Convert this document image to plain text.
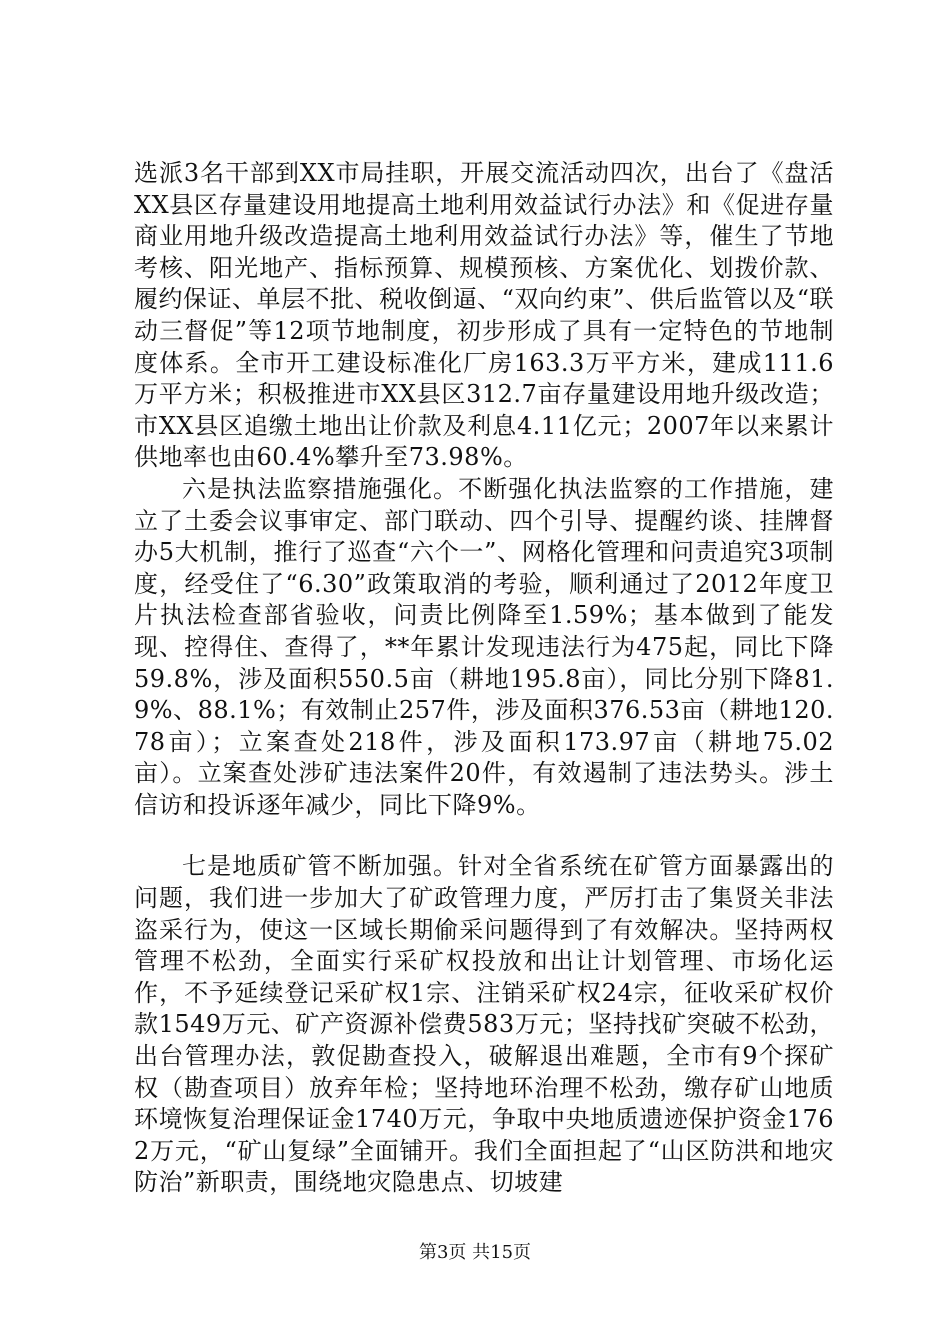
选派3名干部到XX市局挂职，开展交流活动四次，出台了《盘活XX县区存量建设用地提高土地利用效益试行办法》和《促进存量商业用地升级改造提高土地利用效益试行办法》等，催生了节地考核、阳光地产、指标预算、规模预核、方案优化、划拨价款、履约保证、单层不批、税收倒逼、“双向约束”、供后监管以及“联动三督促”等12项节地制度，初步形成了具有一定特色的节地制度体系。全市开工建设标准化厂房163.3万平方米，建成111.6万平方米；积极推进市XX县区312.7亩存量建设用地升级改造；市XX县区追缴土地出让价款及利息4.11亿元；2007年以来累计供地率也由60.4%攀升至73.98%。

六是执法监察措施强化。不断强化执法监察的工作措施，建立了土委会议事审定、部门联动、四个引导、提醒约谈、挂牌督办5大机制，推行了巡查“六个一”、网格化管理和问责追究3项制度，经受住了“6.30”政策取消的考验，顺利通过了2012年度卫片执法检查部省验收，问责比例降至1.59%；基本做到了能发现、控得住、查得了，**年累计发现违法行为475起，同比下降59.8%，涉及面积550.5亩（耕地195.8亩），同比分别下降81.9%、88.1%；有效制止257件，涉及面积376.53亩（耕地120.78亩）；立案查处218件，涉及面积173.97亩（耕地75.02亩）。立案查处涉矿违法案件20件，有效遏制了违法势头。涉土信访和投诉逐年减少，同比下降9%。

七是地质矿管不断加强。针对全省系统在矿管方面暴露出的问题，我们进一步加大了矿政管理力度，严厉打击了集贤关非法盗采行为，使这一区域长期偷采问题得到了有效解决。坚持两权管理不松劲，全面实行采矿权投放和出让计划管理、市场化运作，不予延续登记采矿权1宗、注销采矿权24宗，征收采矿权价款1549万元、矿产资源补偿费583万元；坚持找矿突破不松劲，出台管理办法，敦促勘查投入，破解退出难题，全市有9个探矿权（勘查项目）放弃年检；坚持地环治理不松劲，缴存矿山地质环境恢复治理保证金1740万元，争取中央地质遗迹保护资金1762万元，“矿山复绿”全面铺开。我们全面担起了“山区防洪和地灾防治”新职责，围绕地灾隐患点、切坡建

第3页 共15页
